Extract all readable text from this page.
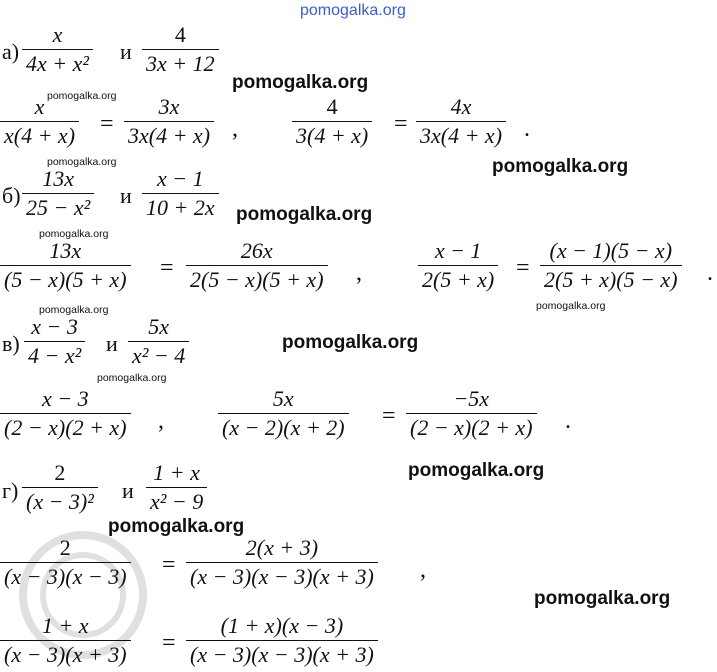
pomogalka.org
$а) \frac{x}{\text{4x + x²}}$ и $\frac{4}{3x + 12}$
pomogalka.org
pomogalka.org
$\frac{x}{x(4 + x)} = \frac{3x}{3x(4 + x)}$ , $\frac{4}{3(4 + x)} = \frac{4x}{3x(4 + x)}$ .
pomogalka.org	pomogalka.org
$б) \frac{13x}{\text{25 − x²}}$ и $\frac{x - 1}{10 + 2x}$ pomogalka.org
pomogalka.org
$\frac{13x}{(5 - x)(5 + x)} = \frac{26x}{2(5 - x)(5 + x)}$ ,	$\frac{x - 1}{2(5 + x)} = \frac{(x - 1)(5 - x)}{2(5 + x)(5 - x)}$ .
pomogalka.org	pomogalka.org
$в) \frac{x - 3}{\text{4 − x²}}$ и $\frac{5x}{\text{x² − 4}}$	pomogalka.org
pomogalka.org
$\frac{x - 3}{(2 - x)(2 + x)}$ , $\frac{5x}{(x - 2)(x + 2)} = \frac{-5x}{(2 - x)(2 + x)}$ .
$г) \frac{2}{\text{(x − 3)²}}$ и $\frac{1 + x}{\text{x² − 9}}$	pomogalka.org
pomogalka.org
$\frac{2}{(x - 3)(x - 3)} = \frac{2(x + 3)}{(x - 3)(x - 3)(x + 3)}$ ,
pomogalka.org
$\frac{1 + x}{(x - 3)(x + 3)} = \frac{(1 + x)(x - 3)}{(x - 3)(x - 3)(x + 3)}$
